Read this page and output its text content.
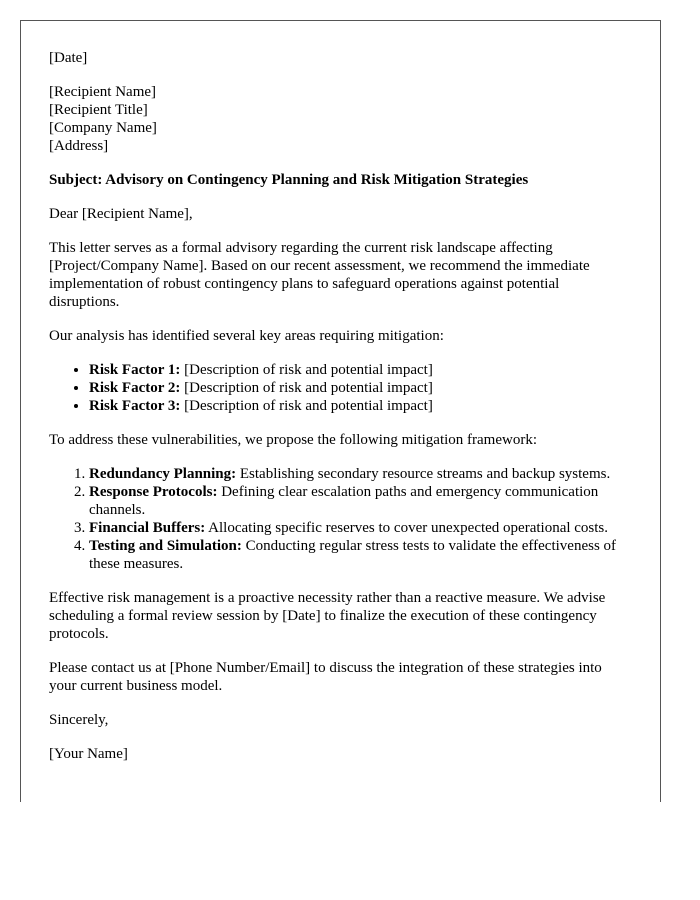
[Date]

[Recipient Name]
[Recipient Title]
[Company Name]
[Address]

Subject: Advisory on Contingency Planning and Risk Mitigation Strategies

Dear [Recipient Name],

This letter serves as a formal advisory regarding the current risk landscape affecting [Project/Company Name]. Based on our recent assessment, we recommend the immediate implementation of robust contingency plans to safeguard operations against potential disruptions.

Our analysis has identified several key areas requiring mitigation:

• Risk Factor 1: [Description of risk and potential impact]
• Risk Factor 2: [Description of risk and potential impact]
• Risk Factor 3: [Description of risk and potential impact]

To address these vulnerabilities, we propose the following mitigation framework:

1. Redundancy Planning: Establishing secondary resource streams and backup systems.
2. Response Protocols: Defining clear escalation paths and emergency communication channels.
3. Financial Buffers: Allocating specific reserves to cover unexpected operational costs.
4. Testing and Simulation: Conducting regular stress tests to validate the effectiveness of these measures.

Effective risk management is a proactive necessity rather than a reactive measure. We advise scheduling a formal review session by [Date] to finalize the execution of these contingency protocols.

Please contact us at [Phone Number/Email] to discuss the integration of these strategies into your current business model.

Sincerely,

[Your Name]
